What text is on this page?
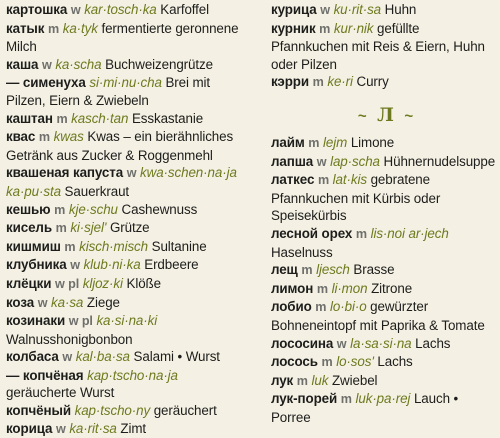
картошка w kar·tosch·ka Karfoffel
катык m ka·tyk fermentierte geronnene Milch
каша w ka·scha Buchweizengrütze
— сименуха si·mi·nu·cha Brei mit Pilzen, Eiern & Zwiebeln
каштан m kasch·tan Esskastanie
квас m kwas Kwas – ein bierähnliches Getränk aus Zucker & Roggenmehl
квашеная капуста w kwa·schen·na·ja ka·pu·sta Sauerkraut
кешью m kje·schu Cashewnuss
кисель m ki·sjel' Grütze
кишмиш m kisch·misch Sultanine
клубника w klub·ni·ka Erdbeere
клёцки w pl kljoz·ki Klöße
коза w ka·sa Ziege
козинаки w pl ka·si·na·ki Walnusshonigbonbon
колбаса w kal·ba·sa Salami • Wurst
— копчёная kap·tscho·na·ja geräucherte Wurst
копчёный kap·tscho·ny geräuchert
корица w ka·rit·sa Zimt
курица w ku·rit·sa Huhn
курник m kur·nik gefüllte Pfannkuchen mit Reis & Eiern, Huhn oder Pilzen
кэрри m ke·ri Curry
~ Л ~
лайм m lejm Limone
лапша w lap·scha Hühnernudelsuppe
латкес m lat·kis gebratene Pfannkuchen mit Kürbis oder Speisekürbis
лесной орех m lis·noi ar·jech Haselnuss
лещ m ljesch Brasse
лимон m li·mon Zitrone
лобио m lo·bi·o gewürzter Bohneneintopf mit Paprika & Tomate
лососина w la·sa·si·na Lachs
лосось m lo·sos' Lachs
лук m luk Zwiebel
лук-порей m luk·pa·rej Lauch • Porree
